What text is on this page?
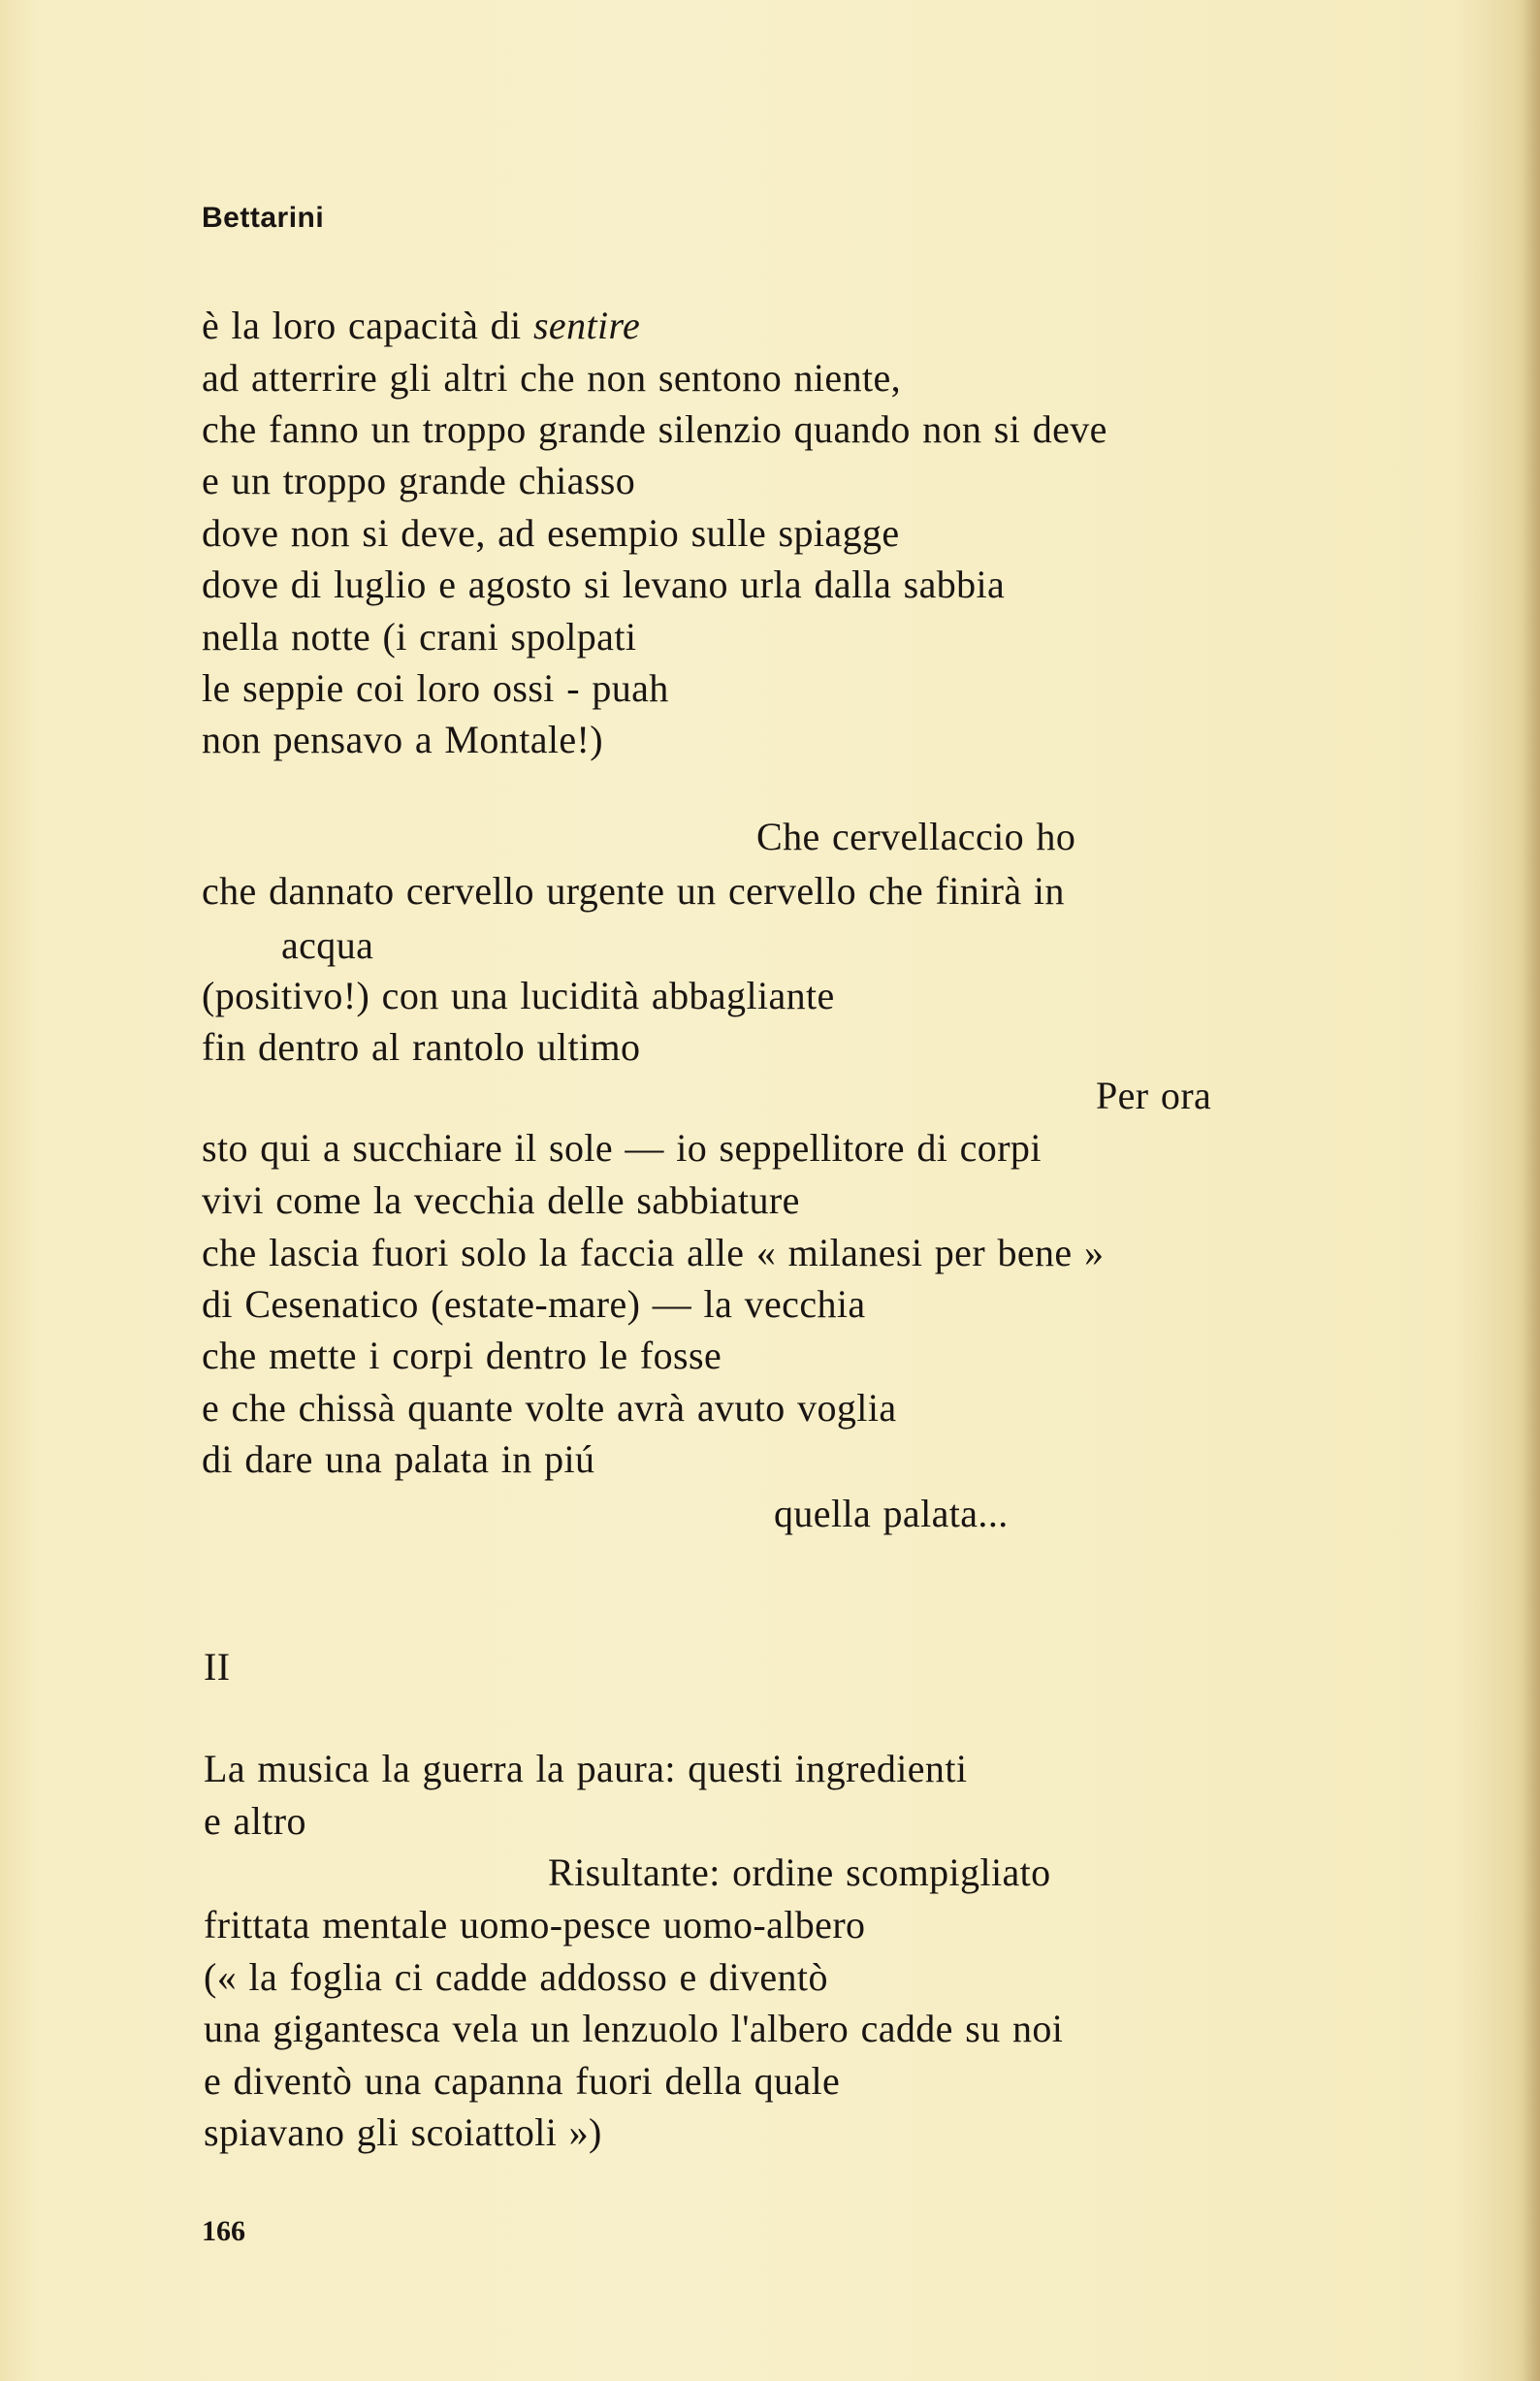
Bettarini
è la loro capacità di sentire
ad atterrire gli altri che non sentono niente,
che fanno un troppo grande silenzio quando non si deve
e un troppo grande chiasso
dove non si deve, ad esempio sulle spiagge
dove di luglio e agosto si levano urla dalla sabbia
nella notte (i crani spolpati
le seppie coi loro ossi - puah
non pensavo a Montale!)
Che cervellaccio ho
che dannato cervello urgente un cervello che finirà in
acqua
(positivo!) con una lucidità abbagliante
fin dentro al rantolo ultimo
Per ora
sto qui a succhiare il sole — io seppellitore di corpi
vivi come la vecchia delle sabbiature
che lascia fuori solo la faccia alle « milanesi per bene »
di Cesenatico (estate-mare) — la vecchia
che mette i corpi dentro le fosse
e che chissà quante volte avrà avuto voglia
di dare una palata in piú
quella palata...
II
La musica la guerra la paura: questi ingredienti
e altro
Risultante: ordine scompigliato
frittata mentale uomo-pesce uomo-albero
(« la foglia ci cadde addosso e diventò
una gigantesca vela un lenzuolo l'albero cadde su noi
e diventò una capanna fuori della quale
spiavano gli scoiattoli »)
166
